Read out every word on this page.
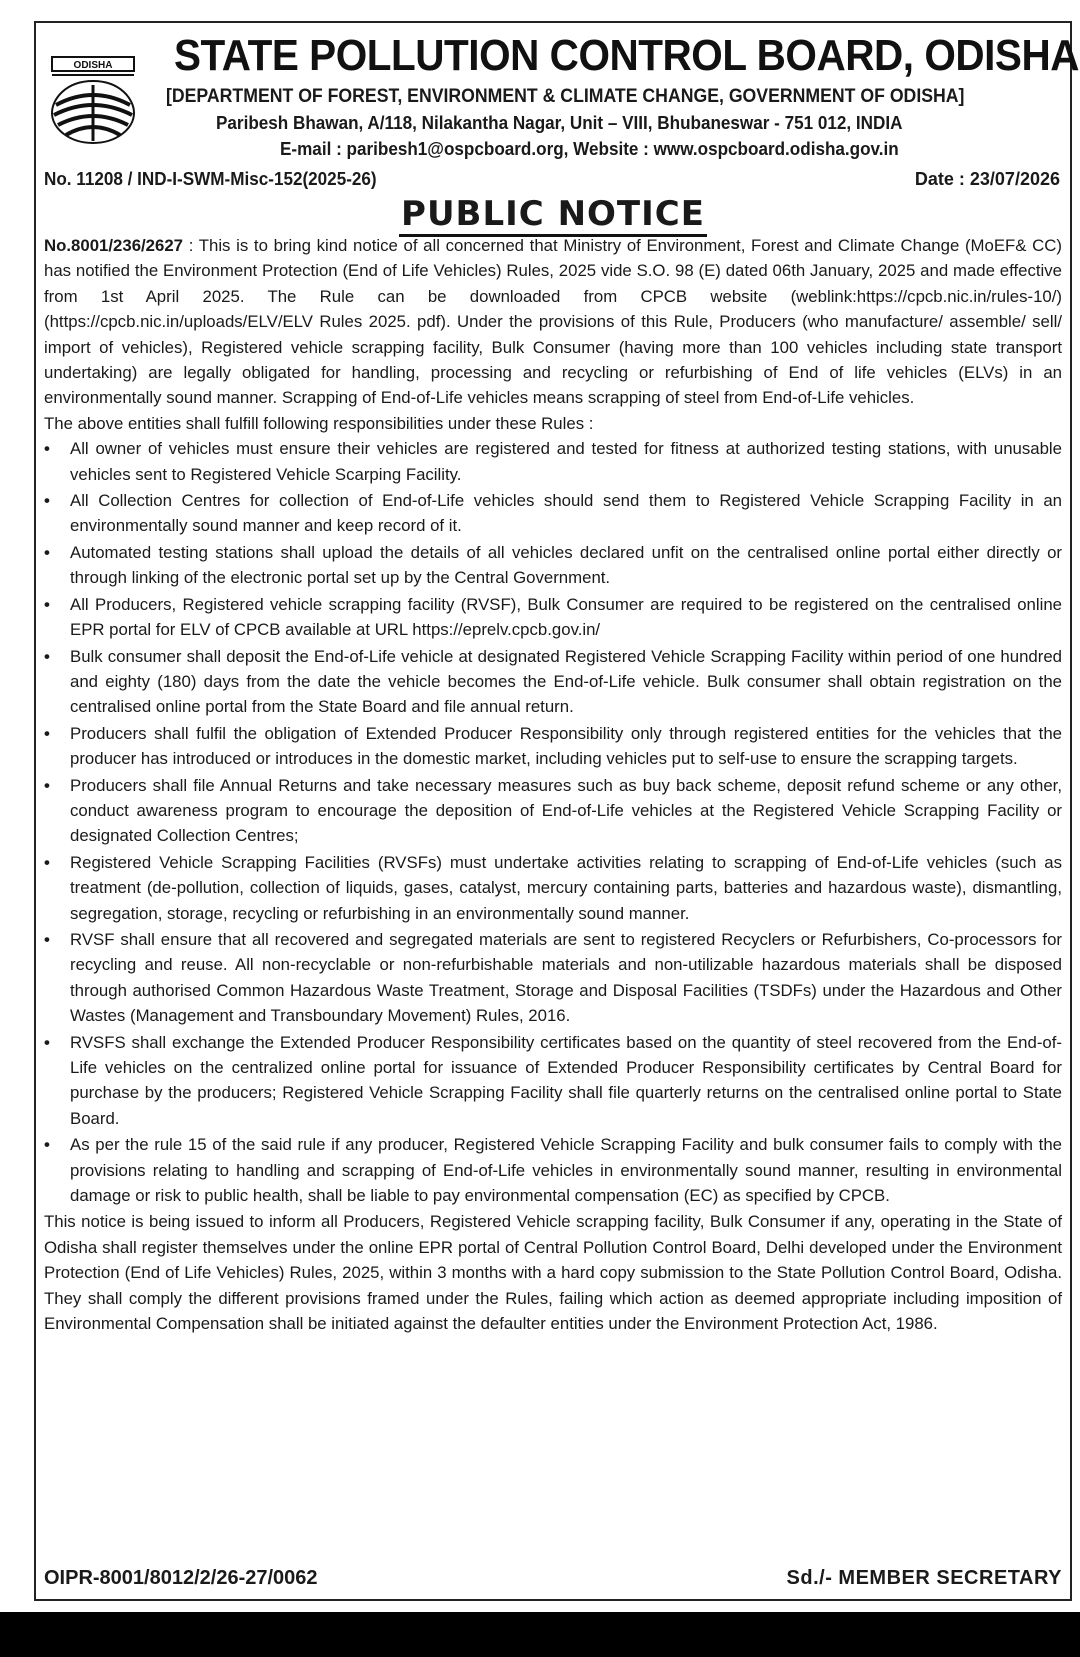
ODISHA STATE POLLUTION CONTROL BOARD, ODISHA
[DEPARTMENT OF FOREST, ENVIRONMENT & CLIMATE CHANGE, GOVERNMENT OF ODISHA]
Paribesh Bhawan, A/118, Nilakantha Nagar, Unit – VIII, Bhubaneswar - 751 012, INDIA
E-mail : paribesh1@ospcboard.org, Website : www.ospcboard.odisha.gov.in
No. 11208 / IND-I-SWM-Misc-152(2025-26)	Date : 23/07/2026
PUBLIC NOTICE

No.8001/236/2627 : This is to bring kind notice of all concerned that Ministry of Environment, Forest and Climate Change (MoEF& CC) has notified the Environment Protection (End of Life Vehicles) Rules, 2025 vide S.O. 98 (E) dated 06th January, 2025 and made effective from 1st April 2025. The Rule can be downloaded from CPCB website (weblink:https://cpcb.nic.in/rules-10/) (https://cpcb.nic.in/uploads/ELV/ELV Rules 2025. pdf). Under the provisions of this Rule, Producers (who manufacture/ assemble/ sell/ import of vehicles), Registered vehicle scrapping facility, Bulk Consumer (having more than 100 vehicles including state transport undertaking) are legally obligated for handling, processing and recycling or refurbishing of End of life vehicles (ELVs) in an environmentally sound manner. Scrapping of End-of-Life vehicles means scrapping of steel from End-of-Life vehicles.

The above entities shall fulfill following responsibilities under these Rules :

• All owner of vehicles must ensure their vehicles are registered and tested for fitness at authorized testing stations, with unusable vehicles sent to Registered Vehicle Scarping Facility.
• All Collection Centres for collection of End-of-Life vehicles should send them to Registered Vehicle Scrapping Facility in an environmentally sound manner and keep record of it.
• Automated testing stations shall upload the details of all vehicles declared unfit on the centralised online portal either directly or through linking of the electronic portal set up by the Central Government.
• All Producers, Registered vehicle scrapping facility (RVSF), Bulk Consumer are required to be registered on the centralised online EPR portal for ELV of CPCB available at URL https://eprelv.cpcb.gov.in/
• Bulk consumer shall deposit the End-of-Life vehicle at designated Registered Vehicle Scrapping Facility within period of one hundred and eighty (180) days from the date the vehicle becomes the End-of-Life vehicle. Bulk consumer shall obtain registration on the centralised online portal from the State Board and file annual return.
• Producers shall fulfil the obligation of Extended Producer Responsibility only through registered entities for the vehicles that the producer has introduced or introduces in the domestic market, including vehicles put to self-use to ensure the scrapping targets.
• Producers shall file Annual Returns and take necessary measures such as buy back scheme, deposit refund scheme or any other, conduct awareness program to encourage the deposition of End-of-Life vehicles at the Registered Vehicle Scrapping Facility or designated Collection Centres;
• Registered Vehicle Scrapping Facilities (RVSFs) must undertake activities relating to scrapping of End-of-Life vehicles (such as treatment (de-pollution, collection of liquids, gases, catalyst, mercury containing parts, batteries and hazardous waste), dismantling, segregation, storage, recycling or refurbishing in an environmentally sound manner.
• RVSF shall ensure that all recovered and segregated materials are sent to registered Recyclers or Refurbishers, Co-processors for recycling and reuse. All non-recyclable or non-refurbishable materials and non-utilizable hazardous materials shall be disposed through authorised Common Hazardous Waste Treatment, Storage and Disposal Facilities (TSDFs) under the Hazardous and Other Wastes (Management and Transboundary Movement) Rules, 2016.
• RVSFS shall exchange the Extended Producer Responsibility certificates based on the quantity of steel recovered from the End-of-Life vehicles on the centralized online portal for issuance of Extended Producer Responsibility certificates by Central Board for purchase by the producers; Registered Vehicle Scrapping Facility shall file quarterly returns on the centralised online portal to State Board.
• As per the rule 15 of the said rule if any producer, Registered Vehicle Scrapping Facility and bulk consumer fails to comply with the provisions relating to handling and scrapping of End-of-Life vehicles in environmentally sound manner, resulting in environmental damage or risk to public health, shall be liable to pay environmental compensation (EC) as specified by CPCB.

This notice is being issued to inform all Producers, Registered Vehicle scrapping facility, Bulk Consumer if any, operating in the State of Odisha shall register themselves under the online EPR portal of Central Pollution Control Board, Delhi developed under the Environment Protection (End of Life Vehicles) Rules, 2025, within 3 months with a hard copy submission to the State Pollution Control Board, Odisha. They shall comply the different provisions framed under the Rules, failing which action as deemed appropriate including imposition of Environmental Compensation shall be initiated against the defaulter entities under the Environment Protection Act, 1986.

OIPR-8001/8012/2/26-27/0062	Sd./- MEMBER SECRETARY
